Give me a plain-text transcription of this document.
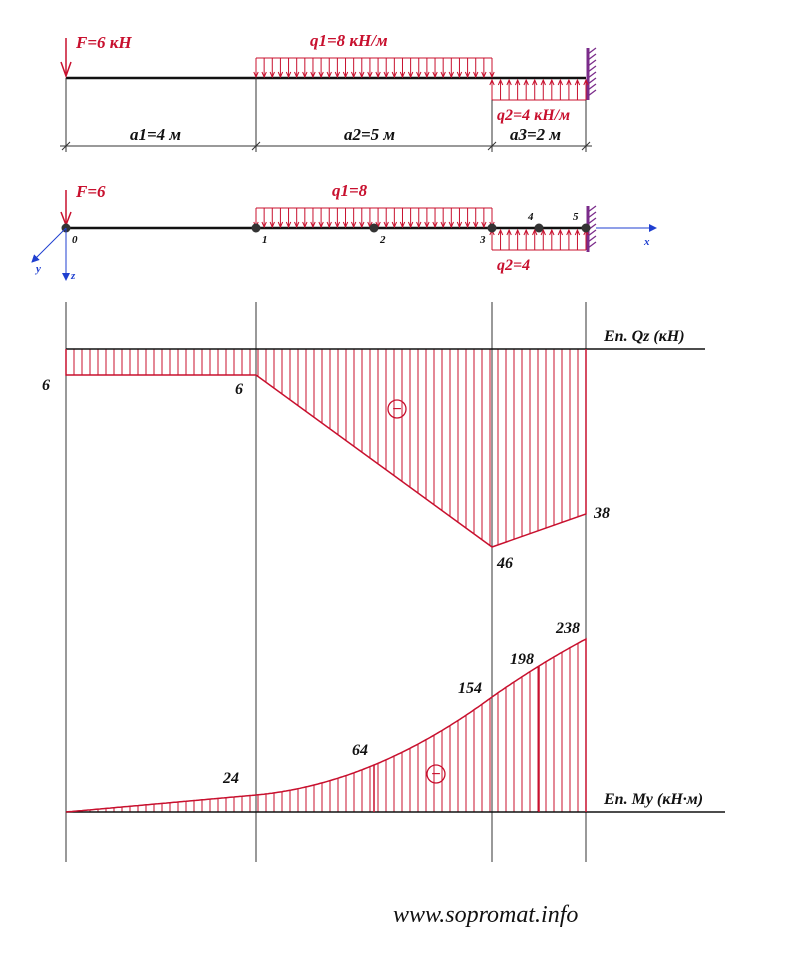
F=6 кН	q1=8 кН/м
q2=4 кН/м
a1=4 м	a2=5 м	a3=2 м
F=6	q1=8
q2=4
0	1	2	3
4	5
x
y
z
−
Еп. Qz (кН)
6	6
46
38
−
Еп. My (кН·м)
24
64
154
198
238
www.sopromat.info
